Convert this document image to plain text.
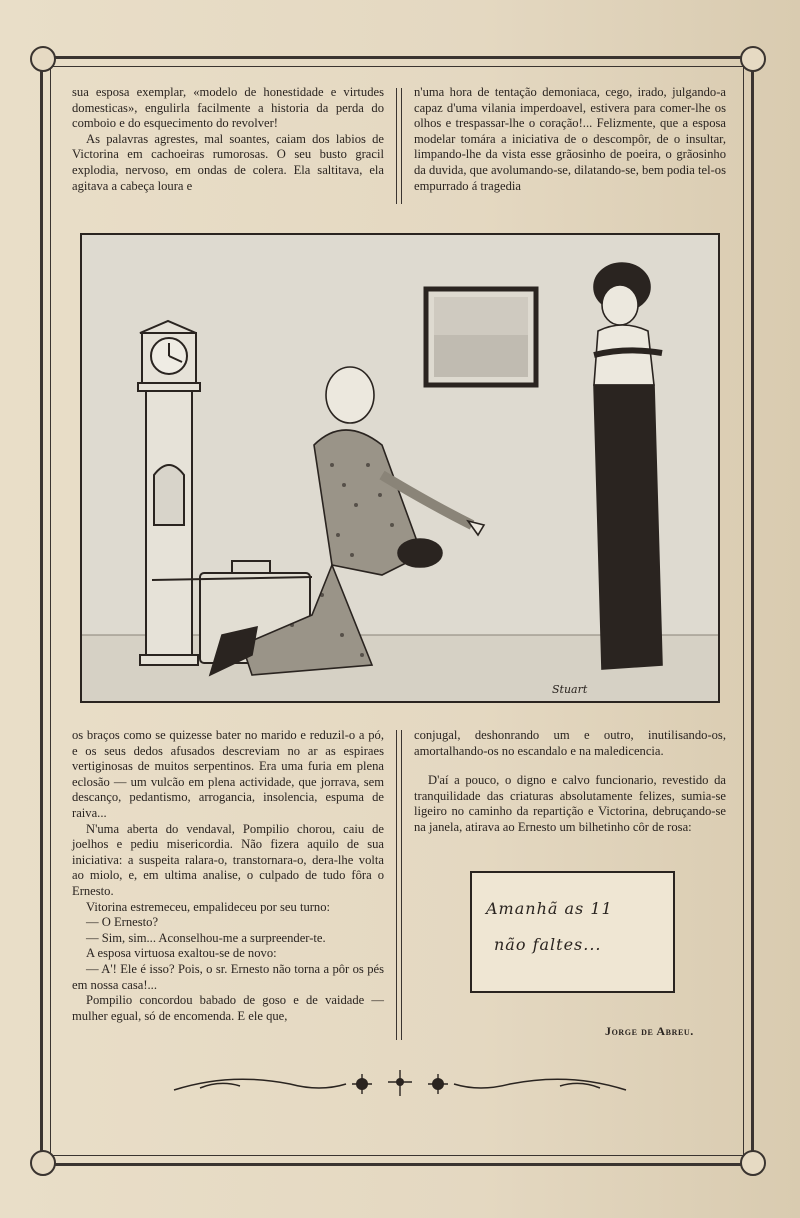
sua esposa exemplar, «modelo de honestidade e virtudes domesticas», engulirla facilmente a historia da perda do comboio e do esquecimento do revolver!

As palavras agrestes, mal soantes, caiam dos labios de Victorina em cachoeiras rumorosas. O seu busto gracil explodia, nervoso, em ondas de colera. Ela saltitava, ela agitava a cabeça loura e

n'uma hora de tentação demoniaca, cego, irado, julgando-a capaz d'uma vilania imperdoavel, estivera para comer-lhe os olhos e trespassar-lhe o coração!... Felizmente, que a esposa modelar tomára a iniciativa de o descompôr, de o insultar, limpando-lhe da vista esse grãosinho de poeira, o grãosinho da duvida, que avolumando-se, dilatando-se, bem podia tel-os empurrado á tragedia

Stuart

os braços como se quizesse bater no marido e reduzil-o a pó, e os seus dedos afusados descreviam no ar as espiraes vertiginosas de muitos serpentinos. Era uma furia em plena eclosão — um vulcão em plena actividade, que jorrava, sem descanço, pedantismo, arrogancia, insolencia, espuma de raiva...

N'uma aberta do vendaval, Pompilio chorou, caiu de joelhos e pediu misericordia. Não fizera aquilo de sua iniciativa: a suspeita ralara-o, transtornara-o, dera-lhe volta ao miolo, e, em ultima analise, o culpado de tudo fôra o Ernesto.

Vitorina estremeceu, empalideceu por seu turno:

— O Ernesto?

— Sim, sim... Aconselhou-me a surpreender-te.

A esposa virtuosa exaltou-se de novo:

— A'! Ele é isso? Pois, o sr. Ernesto não torna a pôr os pés em nossa casa!...

Pompilio concordou babado de goso e de vaidade — mulher egual, só de encomenda. E ele que,

conjugal, deshonrando um e outro, inutilisando-os, amortalhando-os no escandalo e na maledicencia.

D'aí a pouco, o digno e calvo funcionario, revestido da tranquilidade das criaturas absolutamente felizes, sumia-se ligeiro no caminho da repartição e Victorina, debruçando-se na janela, atirava ao Ernesto um bilhetinho côr de rosa:

Amanhã as 11
não faltes...
Jorge de Abreu.
